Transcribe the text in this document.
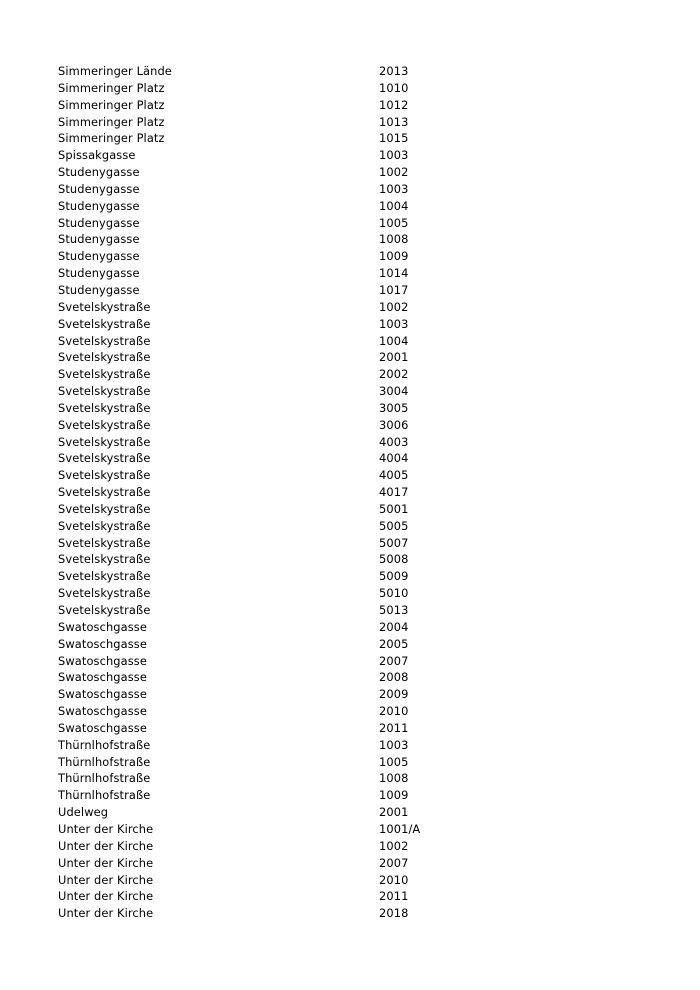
Simmeringer Lände	2013
Simmeringer Platz	1010
Simmeringer Platz	1012
Simmeringer Platz	1013
Simmeringer Platz	1015
Spissakgasse	1003
Studenygasse	1002
Studenygasse	1003
Studenygasse	1004
Studenygasse	1005
Studenygasse	1008
Studenygasse	1009
Studenygasse	1014
Studenygasse	1017
Svetelskystraße	1002
Svetelskystraße	1003
Svetelskystraße	1004
Svetelskystraße	2001
Svetelskystraße	2002
Svetelskystraße	3004
Svetelskystraße	3005
Svetelskystraße	3006
Svetelskystraße	4003
Svetelskystraße	4004
Svetelskystraße	4005
Svetelskystraße	4017
Svetelskystraße	5001
Svetelskystraße	5005
Svetelskystraße	5007
Svetelskystraße	5008
Svetelskystraße	5009
Svetelskystraße	5010
Svetelskystraße	5013
Swatoschgasse	2004
Swatoschgasse	2005
Swatoschgasse	2007
Swatoschgasse	2008
Swatoschgasse	2009
Swatoschgasse	2010
Swatoschgasse	2011
Thürnlhofstraße	1003
Thürnlhofstraße	1005
Thürnlhofstraße	1008
Thürnlhofstraße	1009
Udelweg	2001
Unter der Kirche	1001/A
Unter der Kirche	1002
Unter der Kirche	2007
Unter der Kirche	2010
Unter der Kirche	2011
Unter der Kirche	2018
